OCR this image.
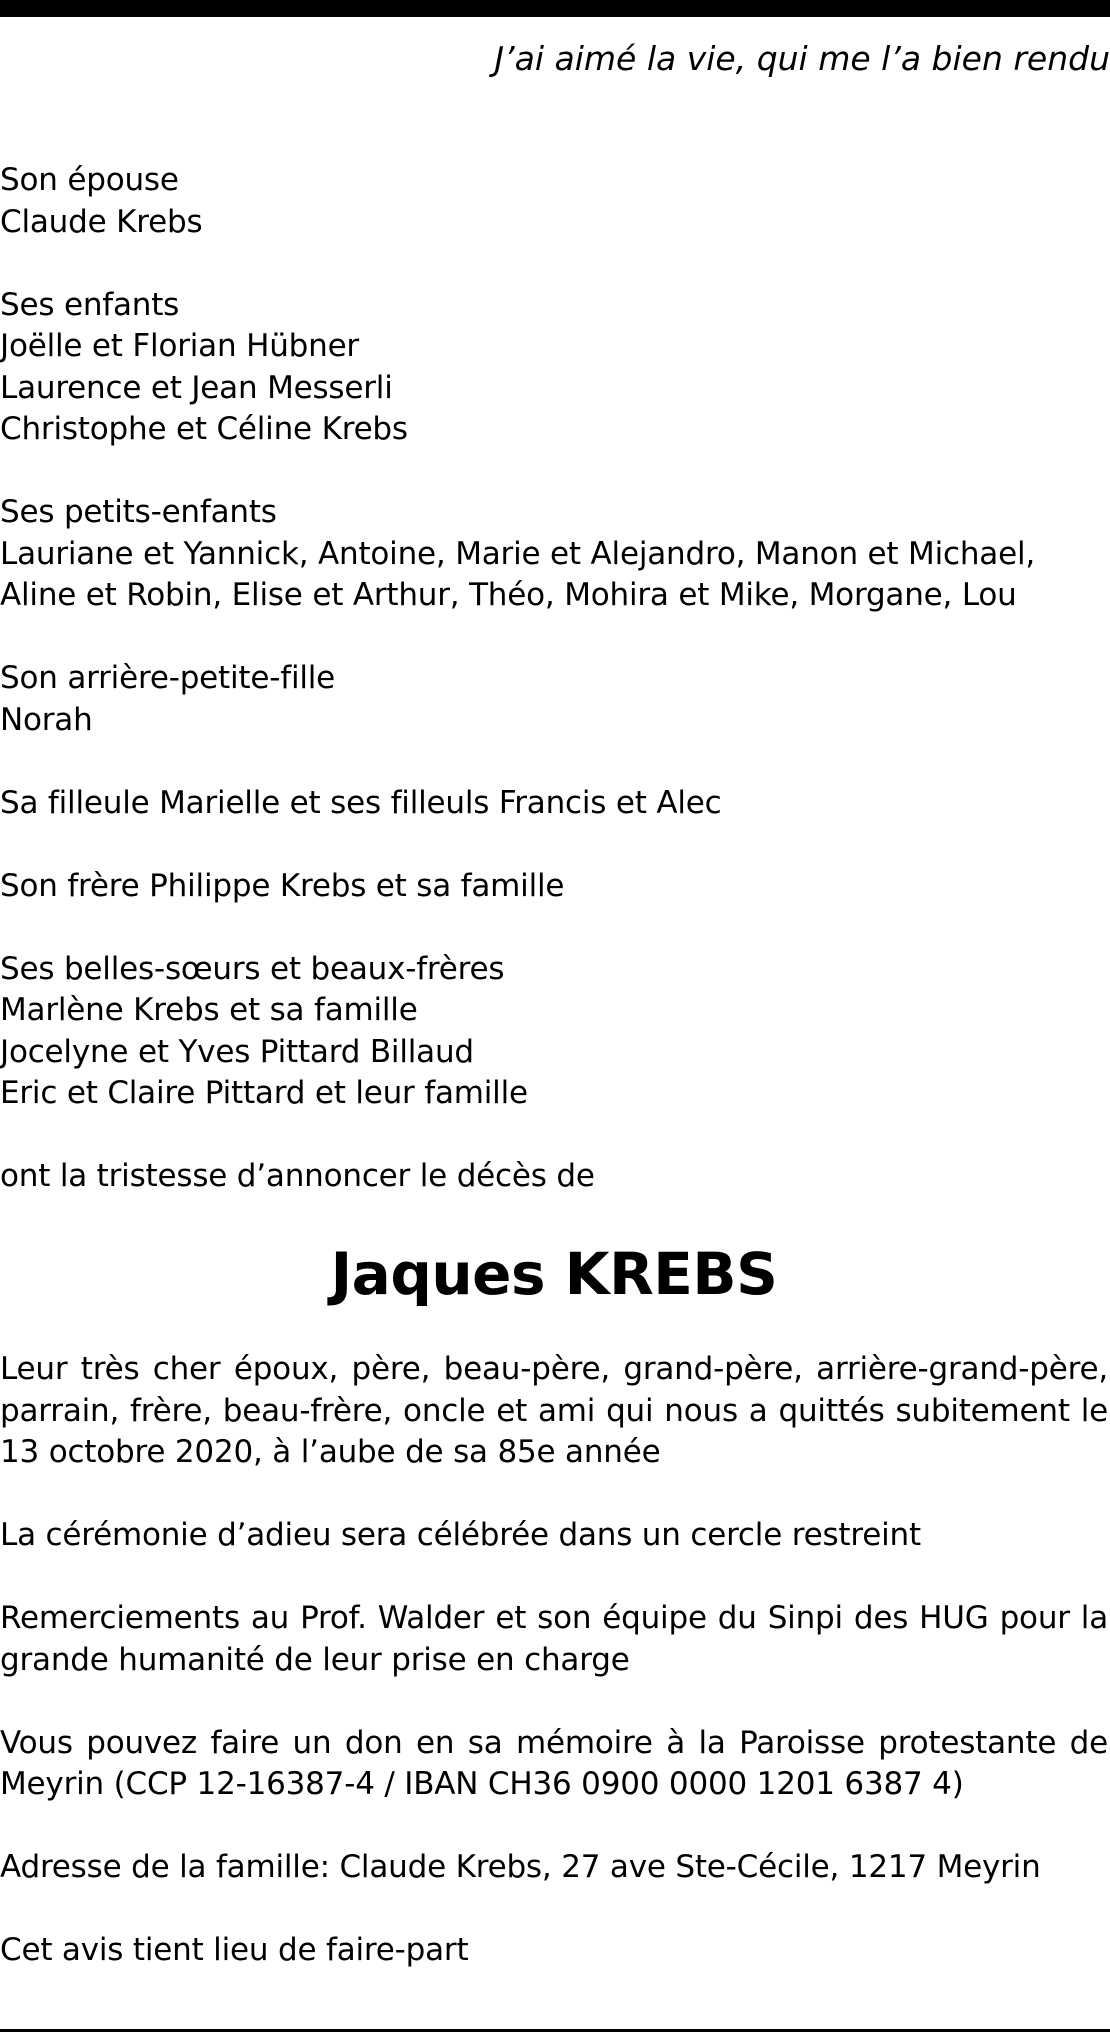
J’ai aimé la vie, qui me l’a bien rendu
Son épouse
Claude Krebs
Ses enfants
Joëlle et Florian Hübner
Laurence et Jean Messerli
Christophe et Céline Krebs
Ses petits-enfants
Lauriane et Yannick, Antoine, Marie et Alejandro, Manon et Michael, Aline et Robin, Elise et Arthur, Théo, Mohira et Mike, Morgane, Lou
Son arrière-petite-fille
Norah
Sa filleule Marielle et ses filleuls Francis et Alec
Son frère Philippe Krebs et sa famille
Ses belles-sœurs et beaux-frères
Marlène Krebs et sa famille
Jocelyne et Yves Pittard Billaud
Eric et Claire Pittard et leur famille
ont la tristesse d’annoncer le décès de
Jaques KREBS
Leur très cher époux, père, beau-père, grand-père, arrière-grand-père, parrain, frère, beau-frère, oncle et ami qui nous a quittés subitement le 13 octobre 2020, à l’aube de sa 85e année
La cérémonie d’adieu sera célébrée dans un cercle restreint
Remerciements au Prof. Walder et son équipe du Sinpi des HUG pour la grande humanité de leur prise en charge
Vous pouvez faire un don en sa mémoire à la Paroisse protestante de Meyrin (CCP 12-16387-4 / IBAN CH36 0900 0000 1201 6387 4)
Adresse de la famille: Claude Krebs, 27 ave Ste-Cécile, 1217 Meyrin
Cet avis tient lieu de faire-part
